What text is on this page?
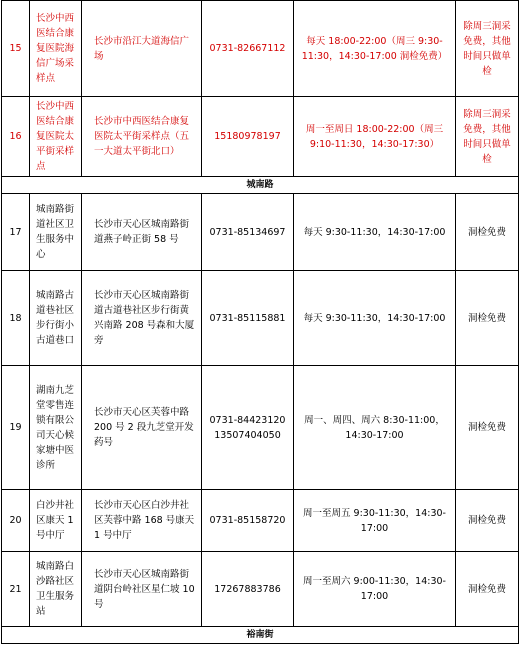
15	长沙中西医结合康复医院海信广场采样点	长沙市沿江大道海信广场	0731-82667112	每天 18:00-22:00（周三 9:30-11:30，14:30-17:00 洞检免费）	除周三洞采免费，其他时间只做单检
16	长沙中西医结合康复医院太平街采样点	长沙市中西医结合康复医院太平街采样点（五一大道太平街北口）	15180978197	周一至周日 18:00-22:00（周三 9:10-11:30，14:30-17:30）	除周三洞采免费，其他时间只做单检
城南路					
17	城南路街道社区卫生服务中心	长沙市天心区城南路街道燕子岭正街 58 号	0731-85134697	每天 9:30-11:30，14:30-17:00	洞检免费
18	城南路古道巷社区步行街小古道巷口	长沙市天心区城南路街道古道巷社区步行街黄兴南路 208 号森和大厦旁	0731-85115881	每天 9:30-11:30，14:30-17:00	洞检免费
19	湖南九芝堂零售连锁有限公司天心候家塘中医诊所	长沙市天心区芙蓉中路 200 号 2 段九芝堂开发药号	0731-84423120 13507404050	周一、周四、周六 8:30-11:00，14:30-17:00	洞检免费
20	白沙井社区康天 1 号中厅	长沙市天心区白沙井社区芙蓉中路 168 号康天 1 号中厅	0731-85158720	周一至周五 9:30-11:30，14:30-17:00	洞检免费
21	城南路白沙路社区卫生服务站	长沙市天心区城南路街道阴台岭社区星仁坡 10 号	17267883786	周一至周六 9:00-11:30，14:30-17:00	洞检免费
裕南街					
